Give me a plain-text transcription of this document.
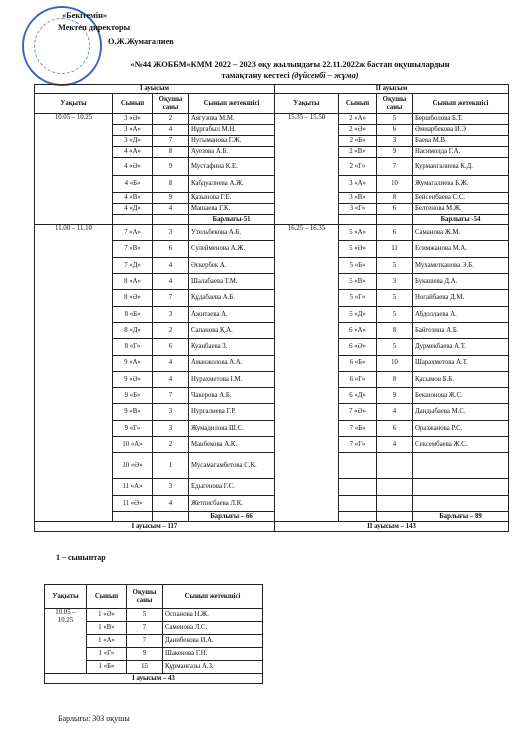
«Бекітемін»
Мектеп директоры
О.Ж.Жумагалиев
«№44 ЖОББМ»КММ 2022 – 2023 оқу жылындағы 22.11.2022ж бастап оқушылардын
тамақтану кестесі (дүйсенбі – жұма)
I ауысым				II ауысым			
Уақыты	Сынып	Оқушы саны	Сынып жетекшісі	Уақыты	Сынып	Оқушы саны	Сынып жетекшісі
10.05 – 10.25	3 «Ә»	2	Аягузова М.М.	15.35 – 15.50	2 «А»	5	Бершболова Б.Т.
	3 «А»	4	Нұрғабыл М.Н.		2 «Ә»	6	Әмиарбекова И.Э
	3 «Д»	7	Нугыманова Г.Ж.		2 «Б»	3	Баева М.В.
	4 «А»	8	Ауезова А.Б.		2 «В»	9	Насимолда Г.А.
	4 «Ә»	9	Мустафина К.Е.		2 «Г»	7	Курмангалиева К.Д.
	4 «Б»	8	Кабдуалиева А.Ж.		3 «А»	10	Жумагалиева Б.Ж.
	4 «В»	9	Қазынова Г.Е.		3 «В»	8	Бейсенбаева С.С.
	4 «Д»	4	Машаева Г.К.		3 «Г»	6	Белтенова М.Ж.
			Барлығы-51				Барлығы -54
11.00 – 11.10	7 «А»	3	Утельбекова А.Б.	16.25 – 16.35	5 «А»	6	Саманова Ж.М.
	7 «В»	6	Сулейменова А.Ж.		5 «Ә»	11	Есимжанова М.А.
	7 «Д»	4	Әскербек А.		5 «Б»	5	Мухаметканова Э.Б.
	8 «А»	4	Шалабаева Т.М.		5 «В»	3	Букашева Д.А.
	8 «Ә»	7	Құдабаева А.Б.		5 «Г»	5	Ногайбаева Д.М.
	8 «Б»	3	Ажитаева А.		5 «Д»	5	Абдоллаева А.
	8 «Д»	2	Сапанова Қ.А.		6 «А»	8	Байгозина А.Б.
	8 «Г»	6	Куанбаева З.		6 «Ә»	5	Дурмекбаева А.Т.
	9 «А»	4	Аманжолова А.А.		6 «Б»	10	Шарахметова А.Т.
	9 «Ә»	4	Нурахметова І.М.		6 «Г»	8	Қасымов Б.Б.
	9 «Б»	7	Чакерова А.Б.		6 «Д»	9	Бекшонова Ж.С.
	9 «В»	3	Нургалиева Г.Р.		7 «Ә»	4	Дандыбаева М.С.
	9 «Г»	3	Жумадилова Ш.С.		7 «Б»	6	Оразжанова Р.С.
	10 «А»	2	Манбекова А.К.		7 «Г»	4	Сексембаева Ж.С.
	10 «Ә»	1	Мусамагамбетова С.К.				
	11 «А»	3	Едыгенова Г.С.				
	11 «Ә»	4	Жетписбаева Л.К.				
			Барлығы – 66				Барлығы – 89
I ауысым – 117				II ауысым – 143			
1 – сыныптар
Уақыты	Сынып	Оқушы саны	Сынып жетекшісі
10.05 – 10.25	1 «Ә»	5	Оспанова Н.Ж.
	1 «В»	7	Саменова Л.С.
	1 «А»	7	Данибекова И.А.
	1 «Г»	9	Шакенова Г.Н.
	1 «Б»	15	Құрманғазы А.З.
I ауысым – 43			
Барлығы: 303 оқушы
